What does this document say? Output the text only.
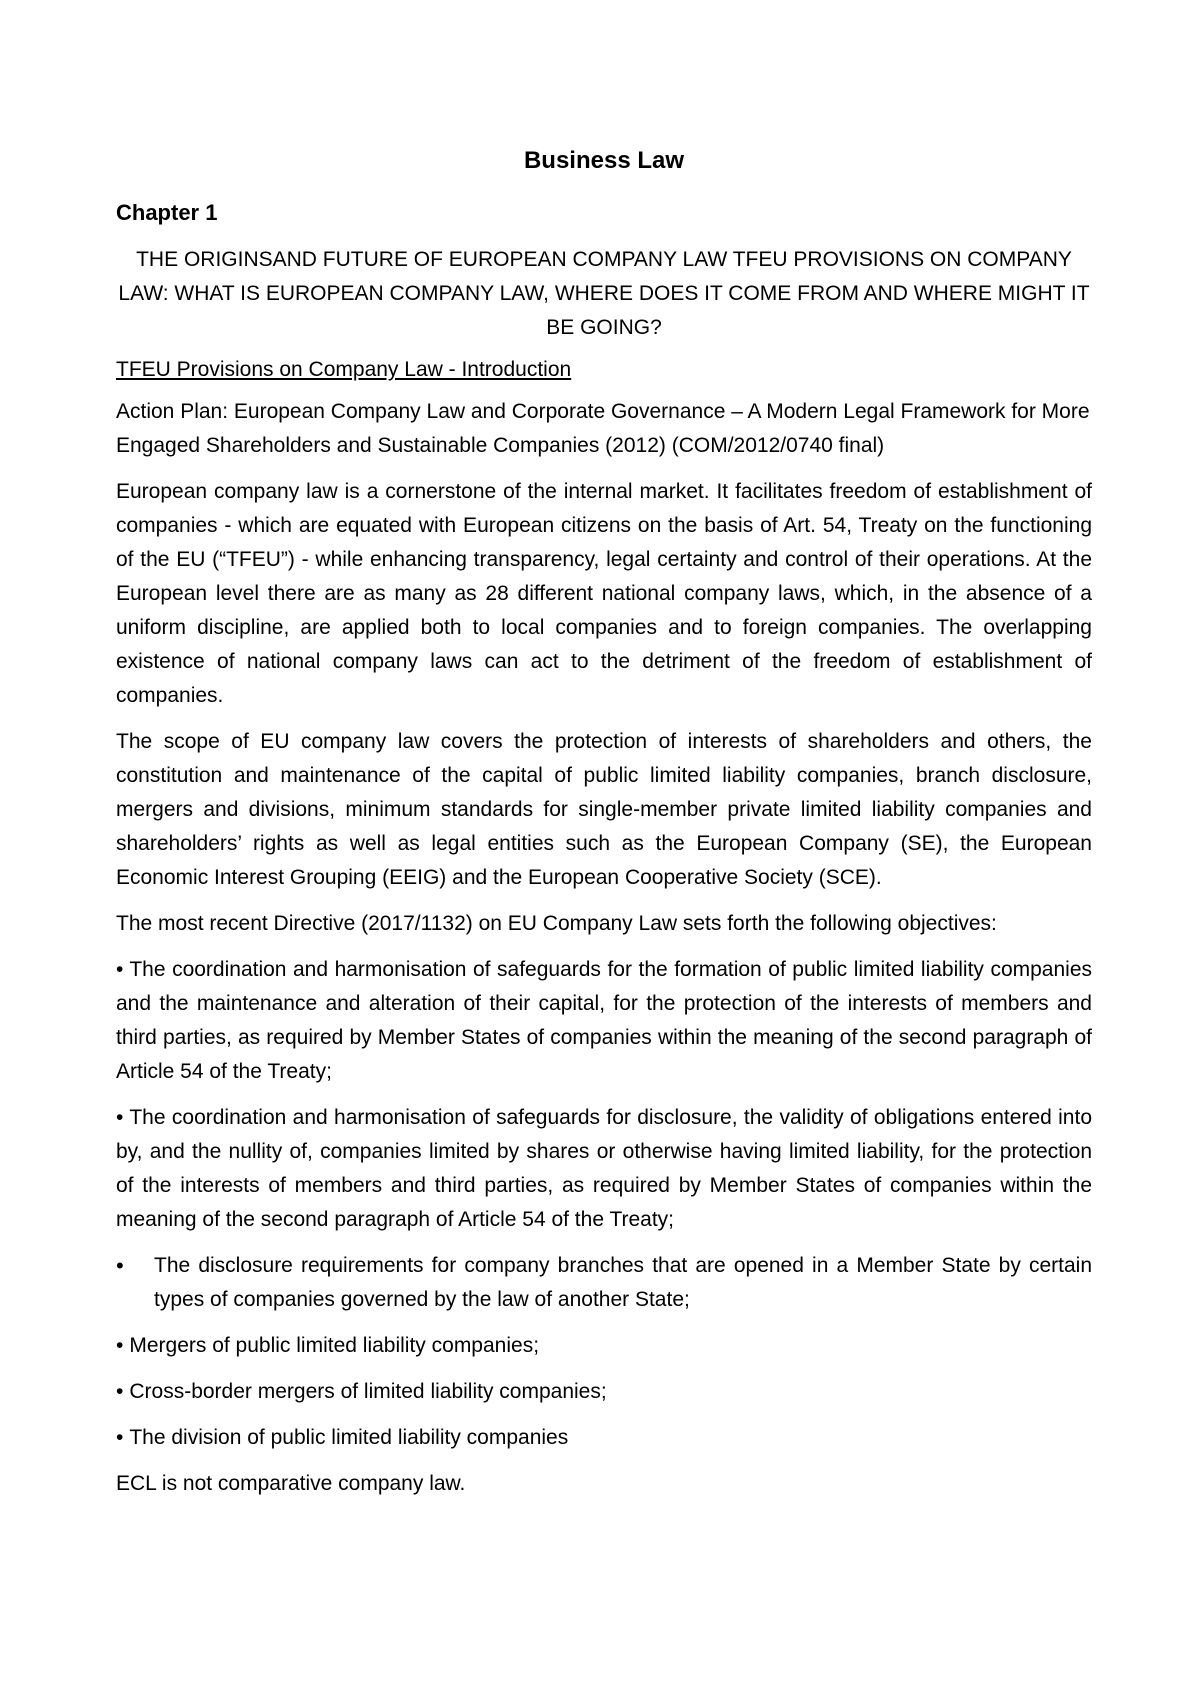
Business Law
Chapter 1
THE ORIGINSAND FUTURE OF EUROPEAN COMPANY LAW TFEU PROVISIONS ON COMPANY LAW: WHAT IS EUROPEAN COMPANY LAW, WHERE DOES IT COME FROM AND WHERE MIGHT IT BE GOING?
TFEU Provisions on Company Law - Introduction
Action Plan: European Company Law and Corporate Governance – A Modern Legal Framework for More Engaged Shareholders and Sustainable Companies (2012) (COM/2012/0740 final)
European company law is a cornerstone of the internal market. It facilitates freedom of establishment of companies - which are equated with European citizens on the basis of Art. 54, Treaty on the functioning of the EU (“TFEU”) - while enhancing transparency, legal certainty and control of their operations. At the European level there are as many as 28 different national company laws, which, in the absence of a uniform discipline, are applied both to local companies and to foreign companies. The overlapping existence of national company laws can act to the detriment of the freedom of establishment of companies.
The scope of EU company law covers the protection of interests of shareholders and others, the constitution and maintenance of the capital of public limited liability companies, branch disclosure, mergers and divisions, minimum standards for single-member private limited liability companies and shareholders’ rights as well as legal entities such as the European Company (SE), the European Economic Interest Grouping (EEIG) and the European Cooperative Society (SCE).
The most recent Directive (2017/1132) on EU Company Law sets forth the following objectives:
• The coordination and harmonisation of safeguards for the formation of public limited liability companies and the maintenance and alteration of their capital, for the protection of the interests of members and third parties, as required by Member States of companies within the meaning of the second paragraph of Article 54 of the Treaty;
• The coordination and harmonisation of safeguards for disclosure, the validity of obligations entered into by, and the nullity of, companies limited by shares or otherwise having limited liability, for the protection of the interests of members and third parties, as required by Member States of companies within the meaning of the second paragraph of Article 54 of the Treaty;
•	The disclosure requirements for company branches that are opened in a Member State by certain types of companies governed by the law of another State;
• Mergers of public limited liability companies;
• Cross-border mergers of limited liability companies;
• The division of public limited liability companies
ECL is not comparative company law.
